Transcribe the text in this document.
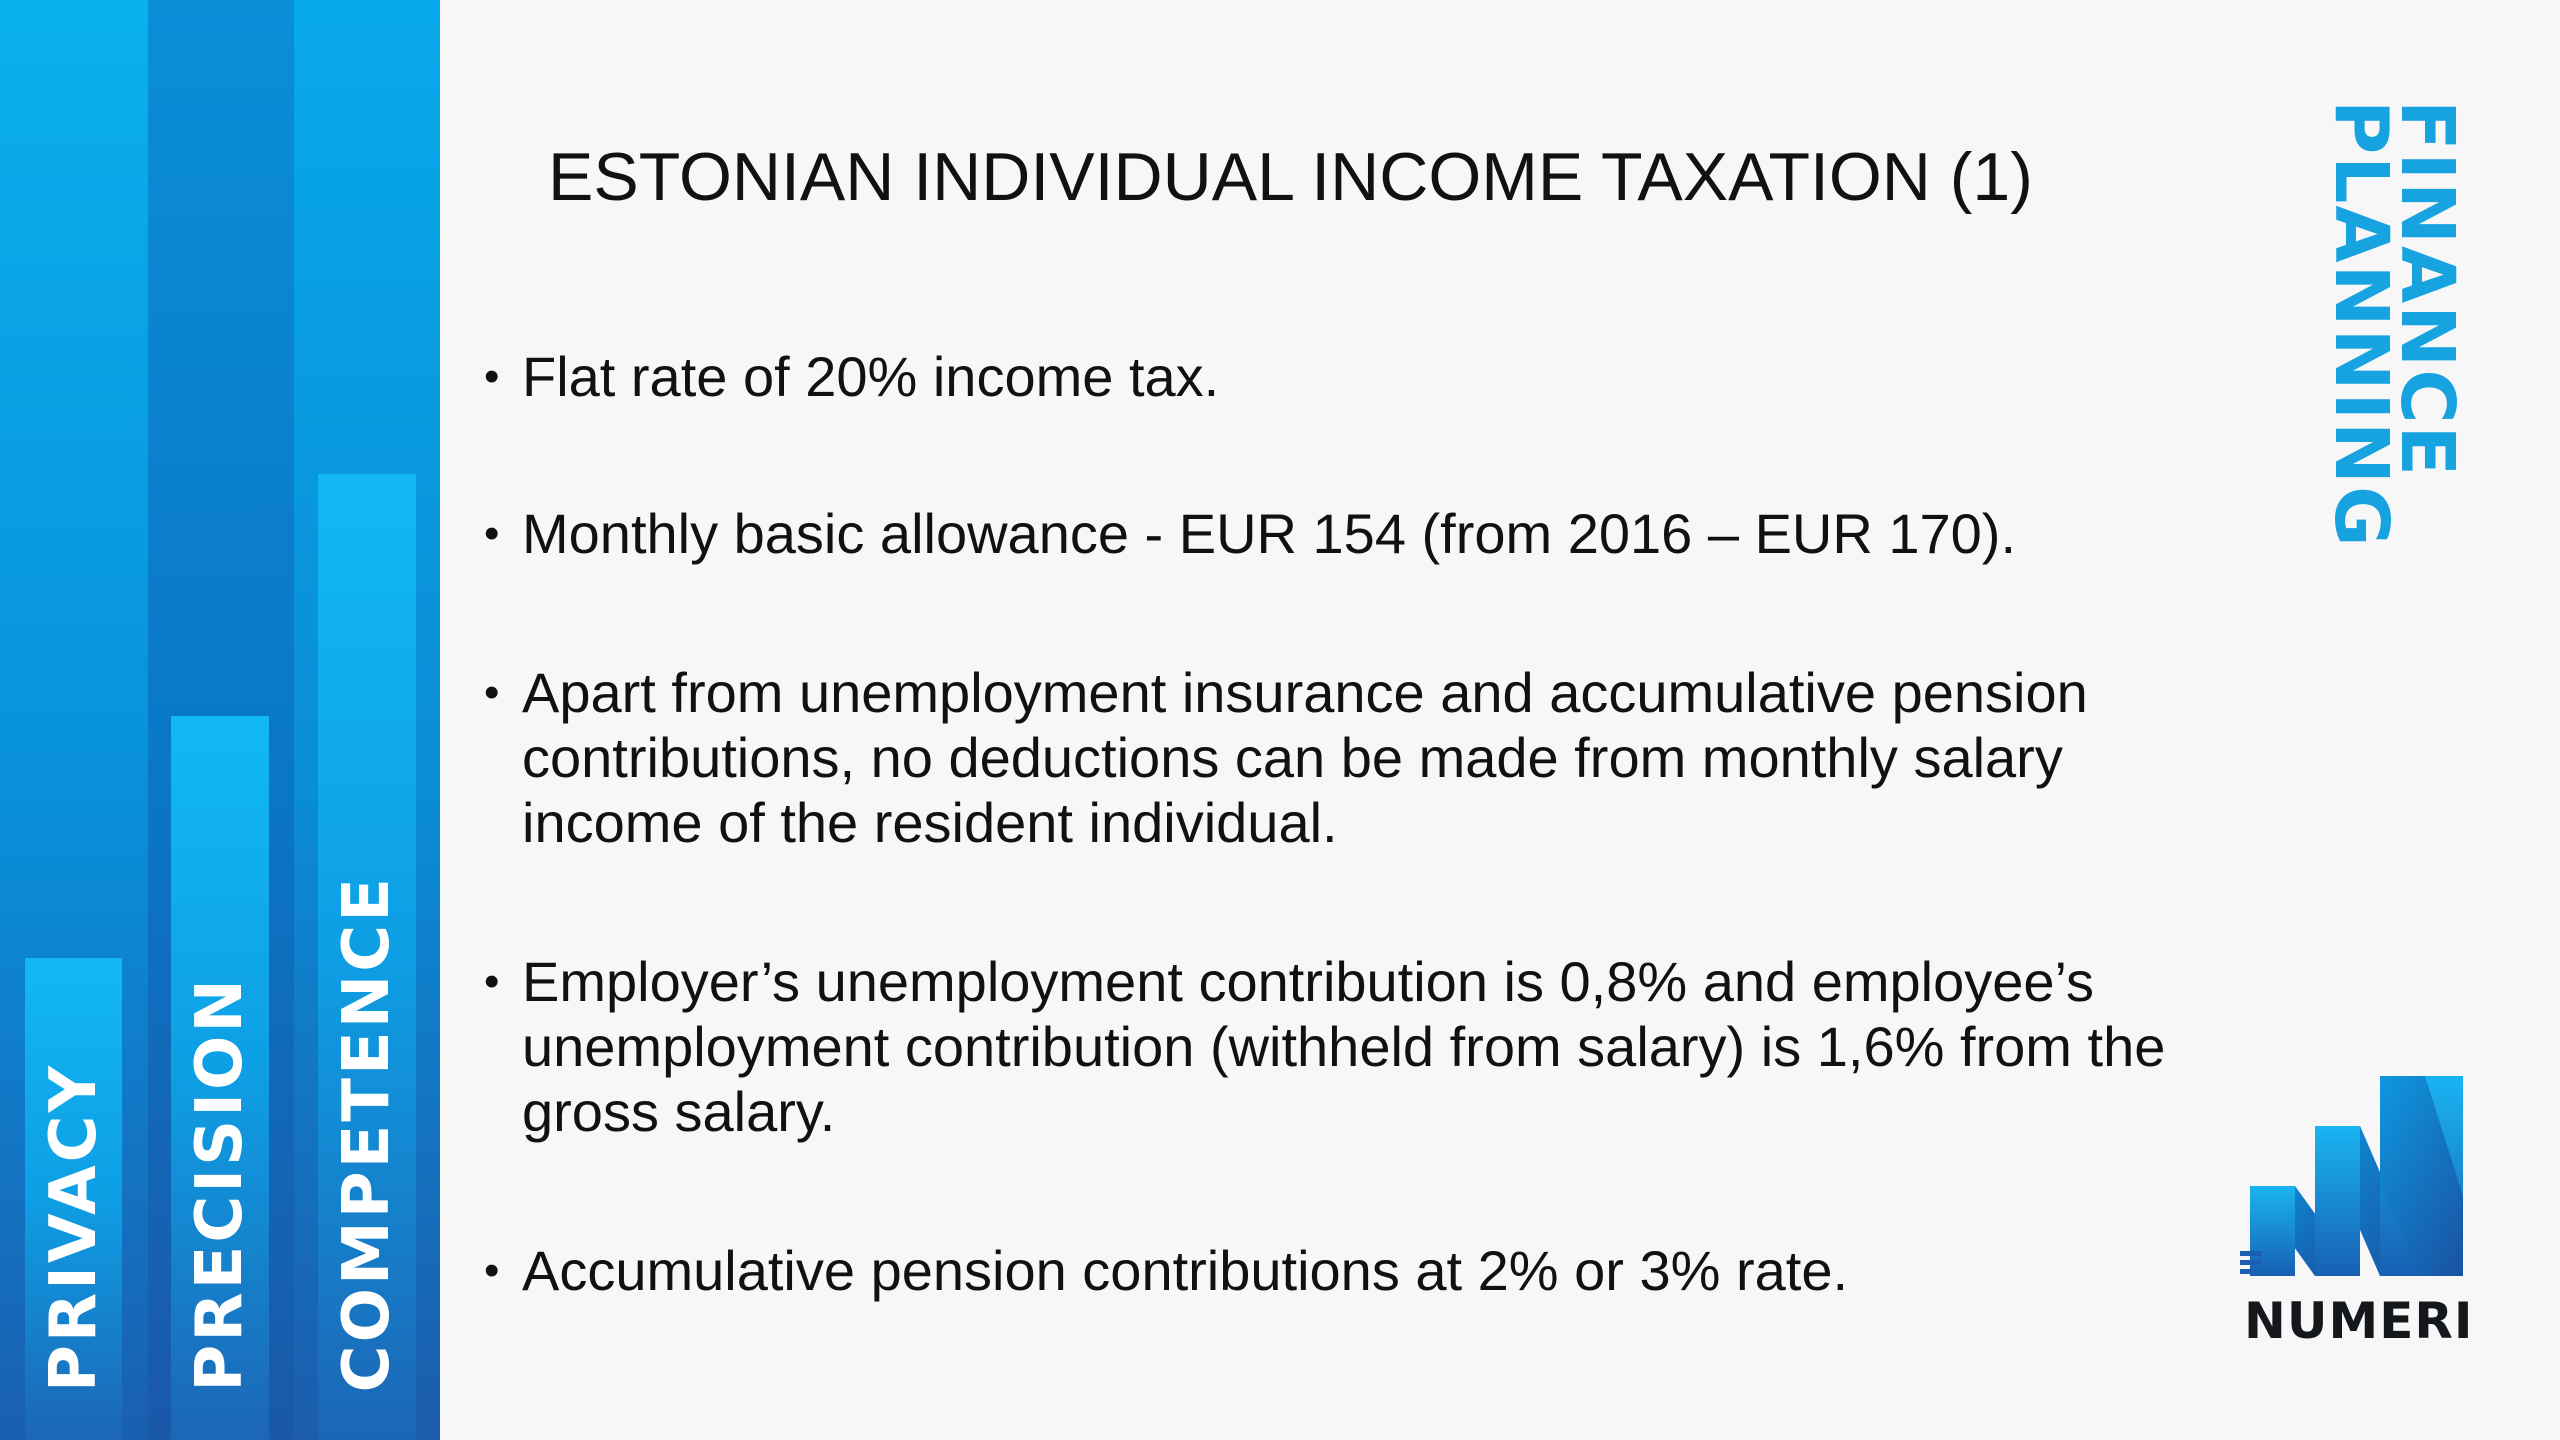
PRIVACY PRECISION COMPETENCE
ESTONIAN INDIVIDUAL INCOME TAXATION (1)
• Flat rate of 20% income tax.
• Monthly basic allowance - EUR 154 (from 2016 – EUR 170).
• Apart from unemployment insurance and accumulative pension contributions, no deductions can be made from monthly salary income of the resident individual.
• Employer’s unemployment contribution is 0,8% and employee’s unemployment contribution (withheld from salary) is 1,6% from the gross salary.
• Accumulative pension contributions at 2% or 3% rate.
FINANCE
PLANNING
NUMERI
